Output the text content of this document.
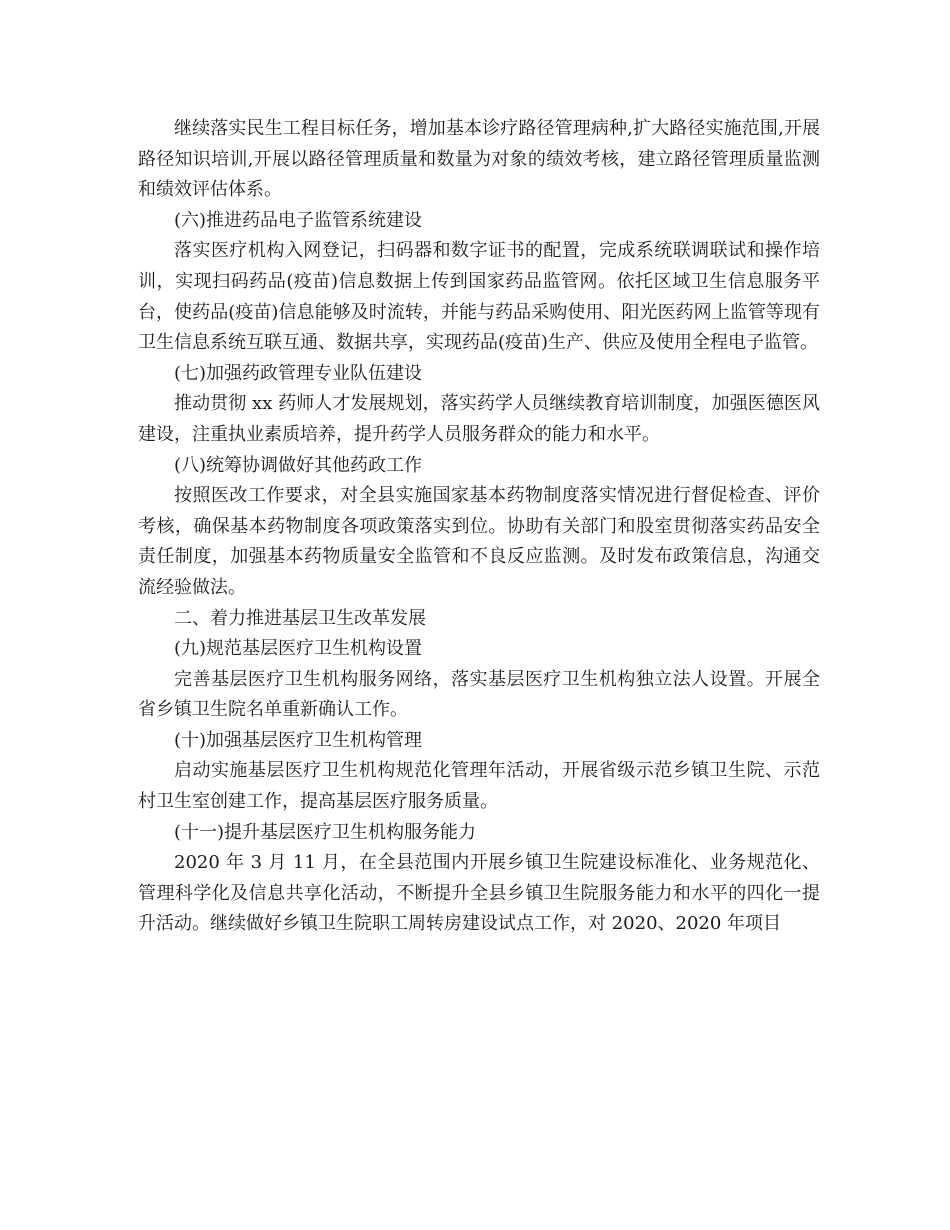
继续落实民生工程目标任务，增加基本诊疗路径管理病种,扩大路径实施范围,开展路径知识培训,开展以路径管理质量和数量为对象的绩效考核，建立路径管理质量监测和绩效评估体系。

(六)推进药品电子监管系统建设

落实医疗机构入网登记，扫码器和数字证书的配置，完成系统联调联试和操作培训，实现扫码药品(疫苗)信息数据上传到国家药品监管网。依托区域卫生信息服务平台，使药品(疫苗)信息能够及时流转，并能与药品采购使用、阳光医药网上监管等现有卫生信息系统互联互通、数据共享，实现药品(疫苗)生产、供应及使用全程电子监管。

(七)加强药政管理专业队伍建设

推动贯彻 xx 药师人才发展规划，落实药学人员继续教育培训制度，加强医德医风建设，注重执业素质培养，提升药学人员服务群众的能力和水平。

(八)统筹协调做好其他药政工作

按照医改工作要求，对全县实施国家基本药物制度落实情况进行督促检查、评价考核，确保基本药物制度各项政策落实到位。协助有关部门和股室贯彻落实药品安全责任制度，加强基本药物质量安全监管和不良反应监测。及时发布政策信息，沟通交流经验做法。

二、着力推进基层卫生改革发展

(九)规范基层医疗卫生机构设置

完善基层医疗卫生机构服务网络，落实基层医疗卫生机构独立法人设置。开展全省乡镇卫生院名单重新确认工作。

(十)加强基层医疗卫生机构管理

启动实施基层医疗卫生机构规范化管理年活动，开展省级示范乡镇卫生院、示范村卫生室创建工作，提高基层医疗服务质量。

(十一)提升基层医疗卫生机构服务能力

2020 年 3 月 11 月，在全县范围内开展乡镇卫生院建设标准化、业务规范化、管理科学化及信息共享化活动，不断提升全县乡镇卫生院服务能力和水平的四化一提升活动。继续做好乡镇卫生院职工周转房建设试点工作，对 2020、2020 年项目
